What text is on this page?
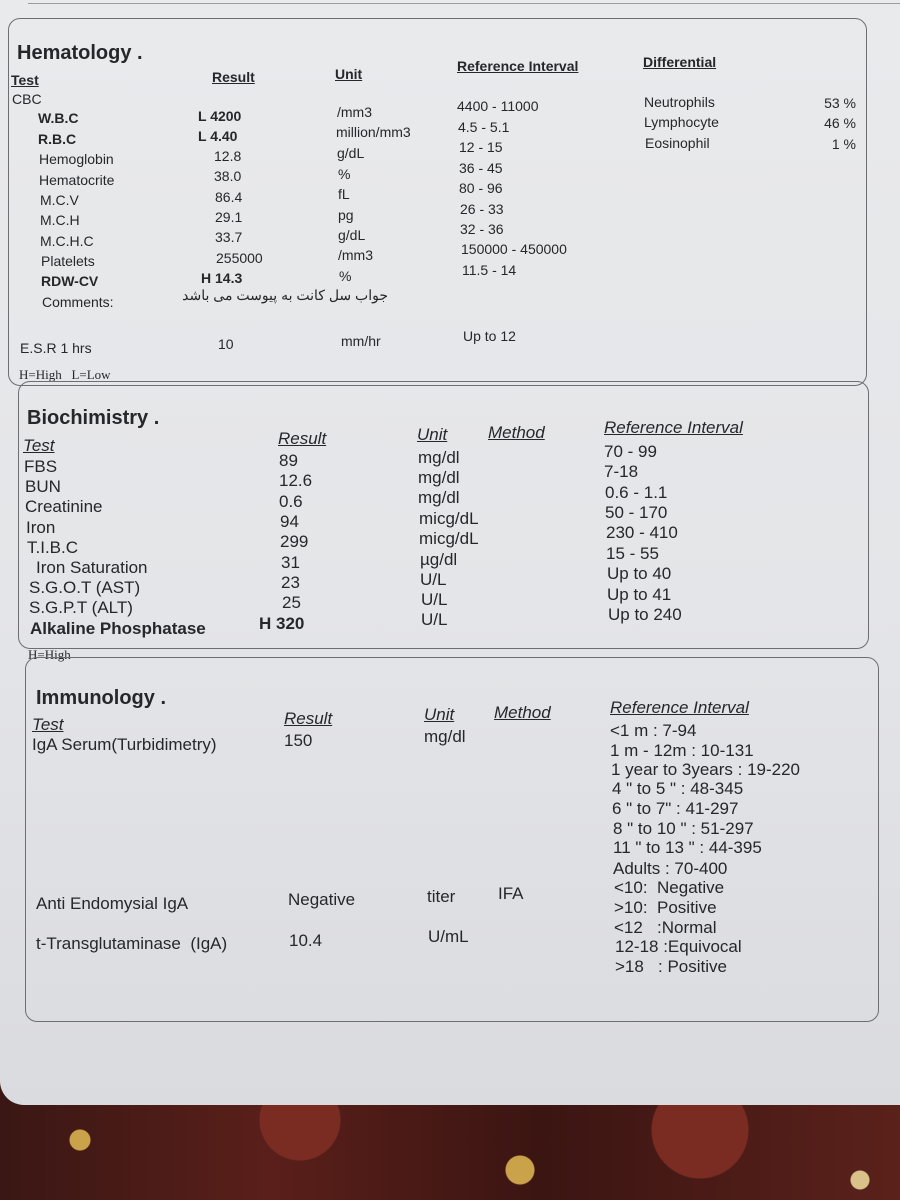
Hematology .
Test	Result	Unit	Reference Interval	Differential
CBC
W.B.C	L 4200	/mm3	4400 - 11000
R.B.C	L 4.40	million/mm3	4.5 - 5.1
Hemoglobin	12.8	g/dL	12 - 15
Hematocrite	38.0	%	36 - 45
M.C.V	86.4	fL	80 - 96
M.C.H	29.1	pg	26 - 33
M.C.H.C	33.7	g/dL	32 - 36
Platelets	255000	/mm3	150000 - 450000
RDW-CV	H 14.3	%	11.5 - 14
Comments:	جواب سل کانت به پیوست می باشد
Neutrophils	53 %
Lymphocyte	46 %
Eosinophil	1 %
E.S.R 1 hrs	10	mm/hr	Up to 12
H=High   L=Low
Biochimistry .
Test	Result	Unit Method	Reference Interval
FBS	89	mg/dl	70 - 99
BUN	12.6	mg/dl	7-18
Creatinine	0.6	mg/dl	0.6 - 1.1
Iron	94	micg/dL	50 - 170
T.I.B.C	299	micg/dL	230 - 410
Iron Saturation	31	µg/dl	15 - 55
S.G.O.T (AST)	23	U/L	Up to 40
S.G.P.T (ALT)	25	U/L	Up to 41
Alkaline Phosphatase	H 320	U/L	Up to 240
H=High
Immunology .
Test	Result	Unit Method	Reference Interval
IgA Serum(Turbidimetry)	150	mg/dl	<1 m : 7-94
1 m - 12m : 10-131
1 year to 3years : 19-220
4 " to 5 " : 48-345
6 " to 7" : 41-297
8 " to 10 " : 51-297
11 " to 13 " : 44-395
Adults : 70-400
Anti Endomysial IgA	Negative	titer	IFA	<10:  Negative
>10:  Positive
t-Transglutaminase  (IgA)	10.4	U/mL	<12   :Normal
12-18 :Equivocal
>18   : Positive
